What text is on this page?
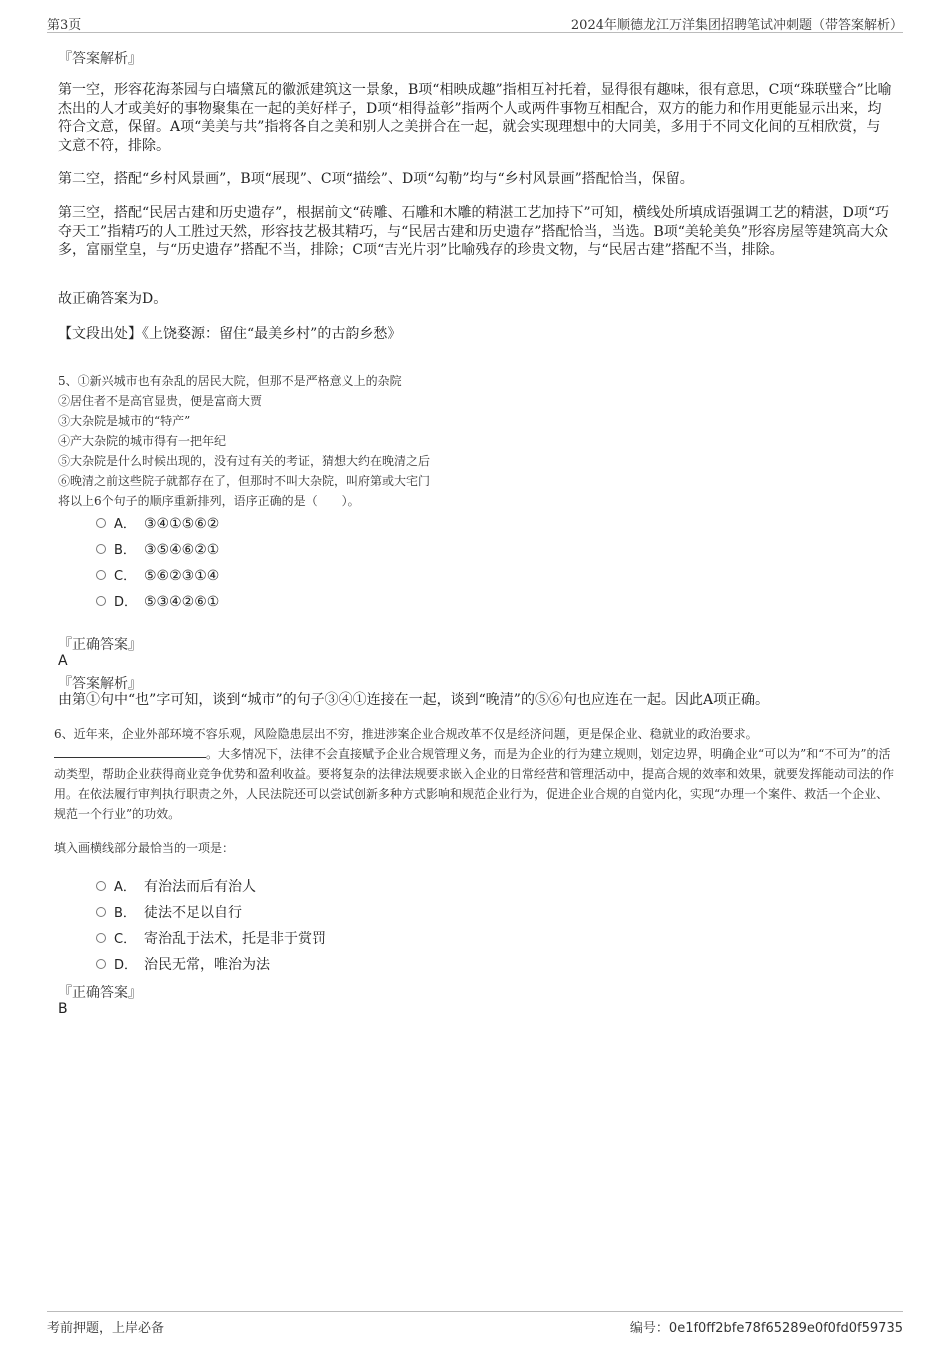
第3页	2024年顺德龙江万洋集团招聘笔试冲刺题（带答案解析）
『答案解析』
第一空，形容花海茶园与白墙黛瓦的徽派建筑这一景象，B项“相映成趣”指相互衬托着，显得很有趣味，很有意思，C项“珠联璧合”比喻杰出的人才或美好的事物聚集在一起的美好样子，D项“相得益彰”指两个人或两件事物互相配合，双方的能力和作用更能显示出来，均符合文意，保留。A项“美美与共”指将各自之美和别人之美拼合在一起，就会实现理想中的大同美，多用于不同文化间的互相欣赏，与文意不符，排除。
第二空，搭配“乡村风景画”，B项“展现”、C项“描绘”、D项“勾勒”均与“乡村风景画”搭配恰当，保留。
第三空，搭配“民居古建和历史遗存”，根据前文“砖雕、石雕和木雕的精湛工艺加持下”可知，横线处所填成语强调工艺的精湛，D项“巧夺天工”指精巧的人工胜过天然，形容技艺极其精巧，与“民居古建和历史遗存”搭配恰当，当选。B项“美轮美奂”形容房屋等建筑高大众多，富丽堂皇，与“历史遗存”搭配不当，排除；C项“吉光片羽”比喻残存的珍贵文物，与“民居古建”搭配不当，排除。
故正确答案为D。
【文段出处】《上饶婺源：留住“最美乡村”的古韵乡愁》
5、①新兴城市也有杂乱的居民大院，但那不是严格意义上的杂院
②居住者不是高官显贵，便是富商大贾
③大杂院是城市的“特产”
④产大杂院的城市得有一把年纪
⑤大杂院是什么时候出现的，没有过有关的考证，猜想大约在晚清之后
⑥晚清之前这些院子就都存在了，但那时不叫大杂院，叫府第或大宅门
将以上6个句子的顺序重新排列，语序正确的是（　　）。
A． ③④①⑤⑥②
B． ③⑤④⑥②①
C． ⑤⑥②③①④
D． ⑤③④②⑥①
『正确答案』
A
『答案解析』
由第①句中“也”字可知，谈到“城市”的句子③④①连接在一起，谈到“晚清”的⑤⑥句也应连在一起。因此A项正确。
6、近年来，企业外部环境不容乐观，风险隐患层出不穷，推进涉案企业合规改革不仅是经济问题，更是保企业、稳就业的政治要求。
。大多情况下，法律不会直接赋予企业合规管理义务，而是为企业的行为建立规则，划定边界，明确企业“可以为”和“不可为”的活动类型，帮助企业获得商业竞争优势和盈利收益。要将复杂的法律法规要求嵌入企业的日常经营和管理活动中，提高合规的效率和效果，就要发挥能动司法的作用。在依法履行审判执行职责之外，人民法院还可以尝试创新多种方式影响和规范企业行为，促进企业合规的自觉内化，实现“办理一个案件、救活一个企业、规范一个行业”的功效。
填入画横线部分最恰当的一项是：
A． 有治法而后有治人
B． 徒法不足以自行
C． 寄治乱于法术，托是非于赏罚
D． 治民无常，唯治为法
『正确答案』
B
考前押题，上岸必备	编号：0e1f0ff2bfe78f65289e0f0fd0f59735
